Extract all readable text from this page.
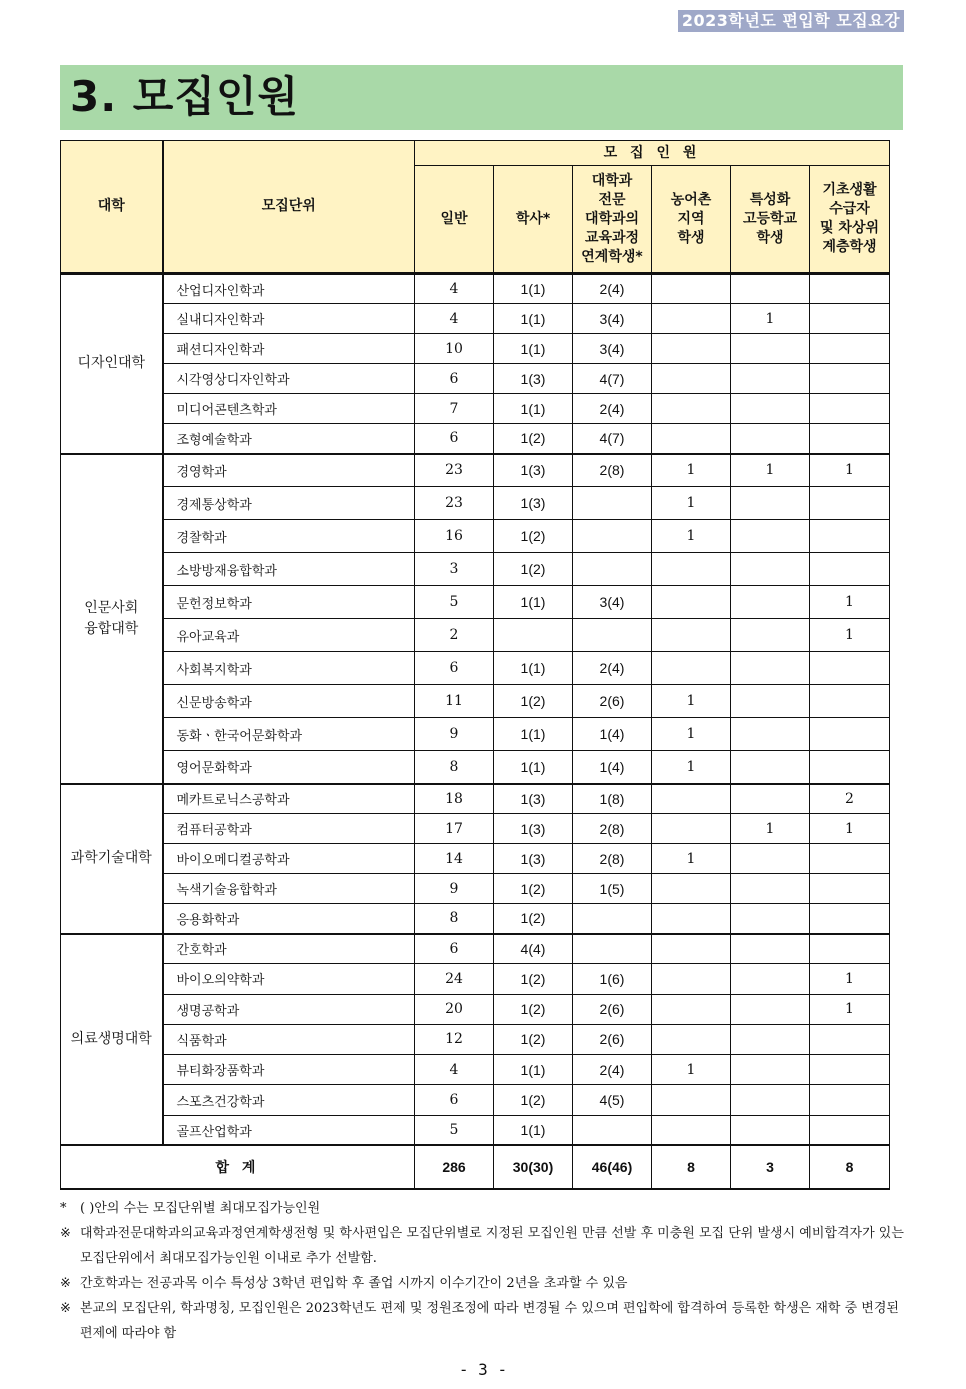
2023학년도 편입학 모집요강
3. 모집인원
대학	모집단위	모 집 인 원					
		일반	학사*	대학과
전문
대학과의
교육과정
연계학생*	농어촌
지역
학생	특성화
고등학교
학생	기초생활
수급자
및 차상위
계층학생
디자인대학	산업디자인학과	4	1(1)	2(4)			
	실내디자인학과	4	1(1)	3(4)		1	
	패션디자인학과	10	1(1)	3(4)			
	시각영상디자인학과	6	1(3)	4(7)			
	미디어콘텐츠학과	7	1(1)	2(4)			
	조형예술학과	6	1(2)	4(7)			
인문사회
융합대학	경영학과	23	1(3)	2(8)	1	1	1
	경제통상학과	23	1(3)		1		
	경찰학과	16	1(2)		1		
	소방방재융합학과	3	1(2)				
	문헌정보학과	5	1(1)	3(4)			1
	유아교육과	2					1
	사회복지학과	6	1(1)	2(4)			
	신문방송학과	11	1(2)	2(6)	1		
	동화ㆍ한국어문화학과	9	1(1)	1(4)	1		
	영어문화학과	8	1(1)	1(4)	1		
과학기술대학	메카트로닉스공학과	18	1(3)	1(8)			2
	컴퓨터공학과	17	1(3)	2(8)		1	1
	바이오메디컬공학과	14	1(3)	2(8)	1		
	녹색기술융합학과	9	1(2)	1(5)			
	응용화학과	8	1(2)				
의료생명대학	간호학과	6	4(4)				
	바이오의약학과	24	1(2)	1(6)			1
	생명공학과	20	1(2)	2(6)			1
	식품학과	12	1(2)	2(6)			
	뷰티화장품학과	4	1(1)	2(4)	1		
	스포츠건강학과	6	1(2)	4(5)			
	골프산업학과	5	1(1)				
합 계		286	30(30)	46(46)	8	3	8

*	( )안의 수는 모집단위별 최대모집가능인원

※ 대학과전문대학과의교육과정연계학생전형 및 학사편입은 모집단위별로 지정된 모집인원 만큼 선발 후 미충원 모집 단위 발생시 예비합격자가 있는 모집단위에서 최대모집가능인원 이내로 추가 선발함.

※ 간호학과는 전공과목 이수 특성상 3학년 편입학 후 졸업 시까지 이수기간이 2년을 초과할 수 있음

※ 본교의 모집단위, 학과명칭, 모집인원은 2023학년도 편제 및 정원조정에 따라 변경될 수 있으며 편입학에 합격하여 등록한 학생은 재학 중 변경된 편제에 따라야 함

- 3 -
